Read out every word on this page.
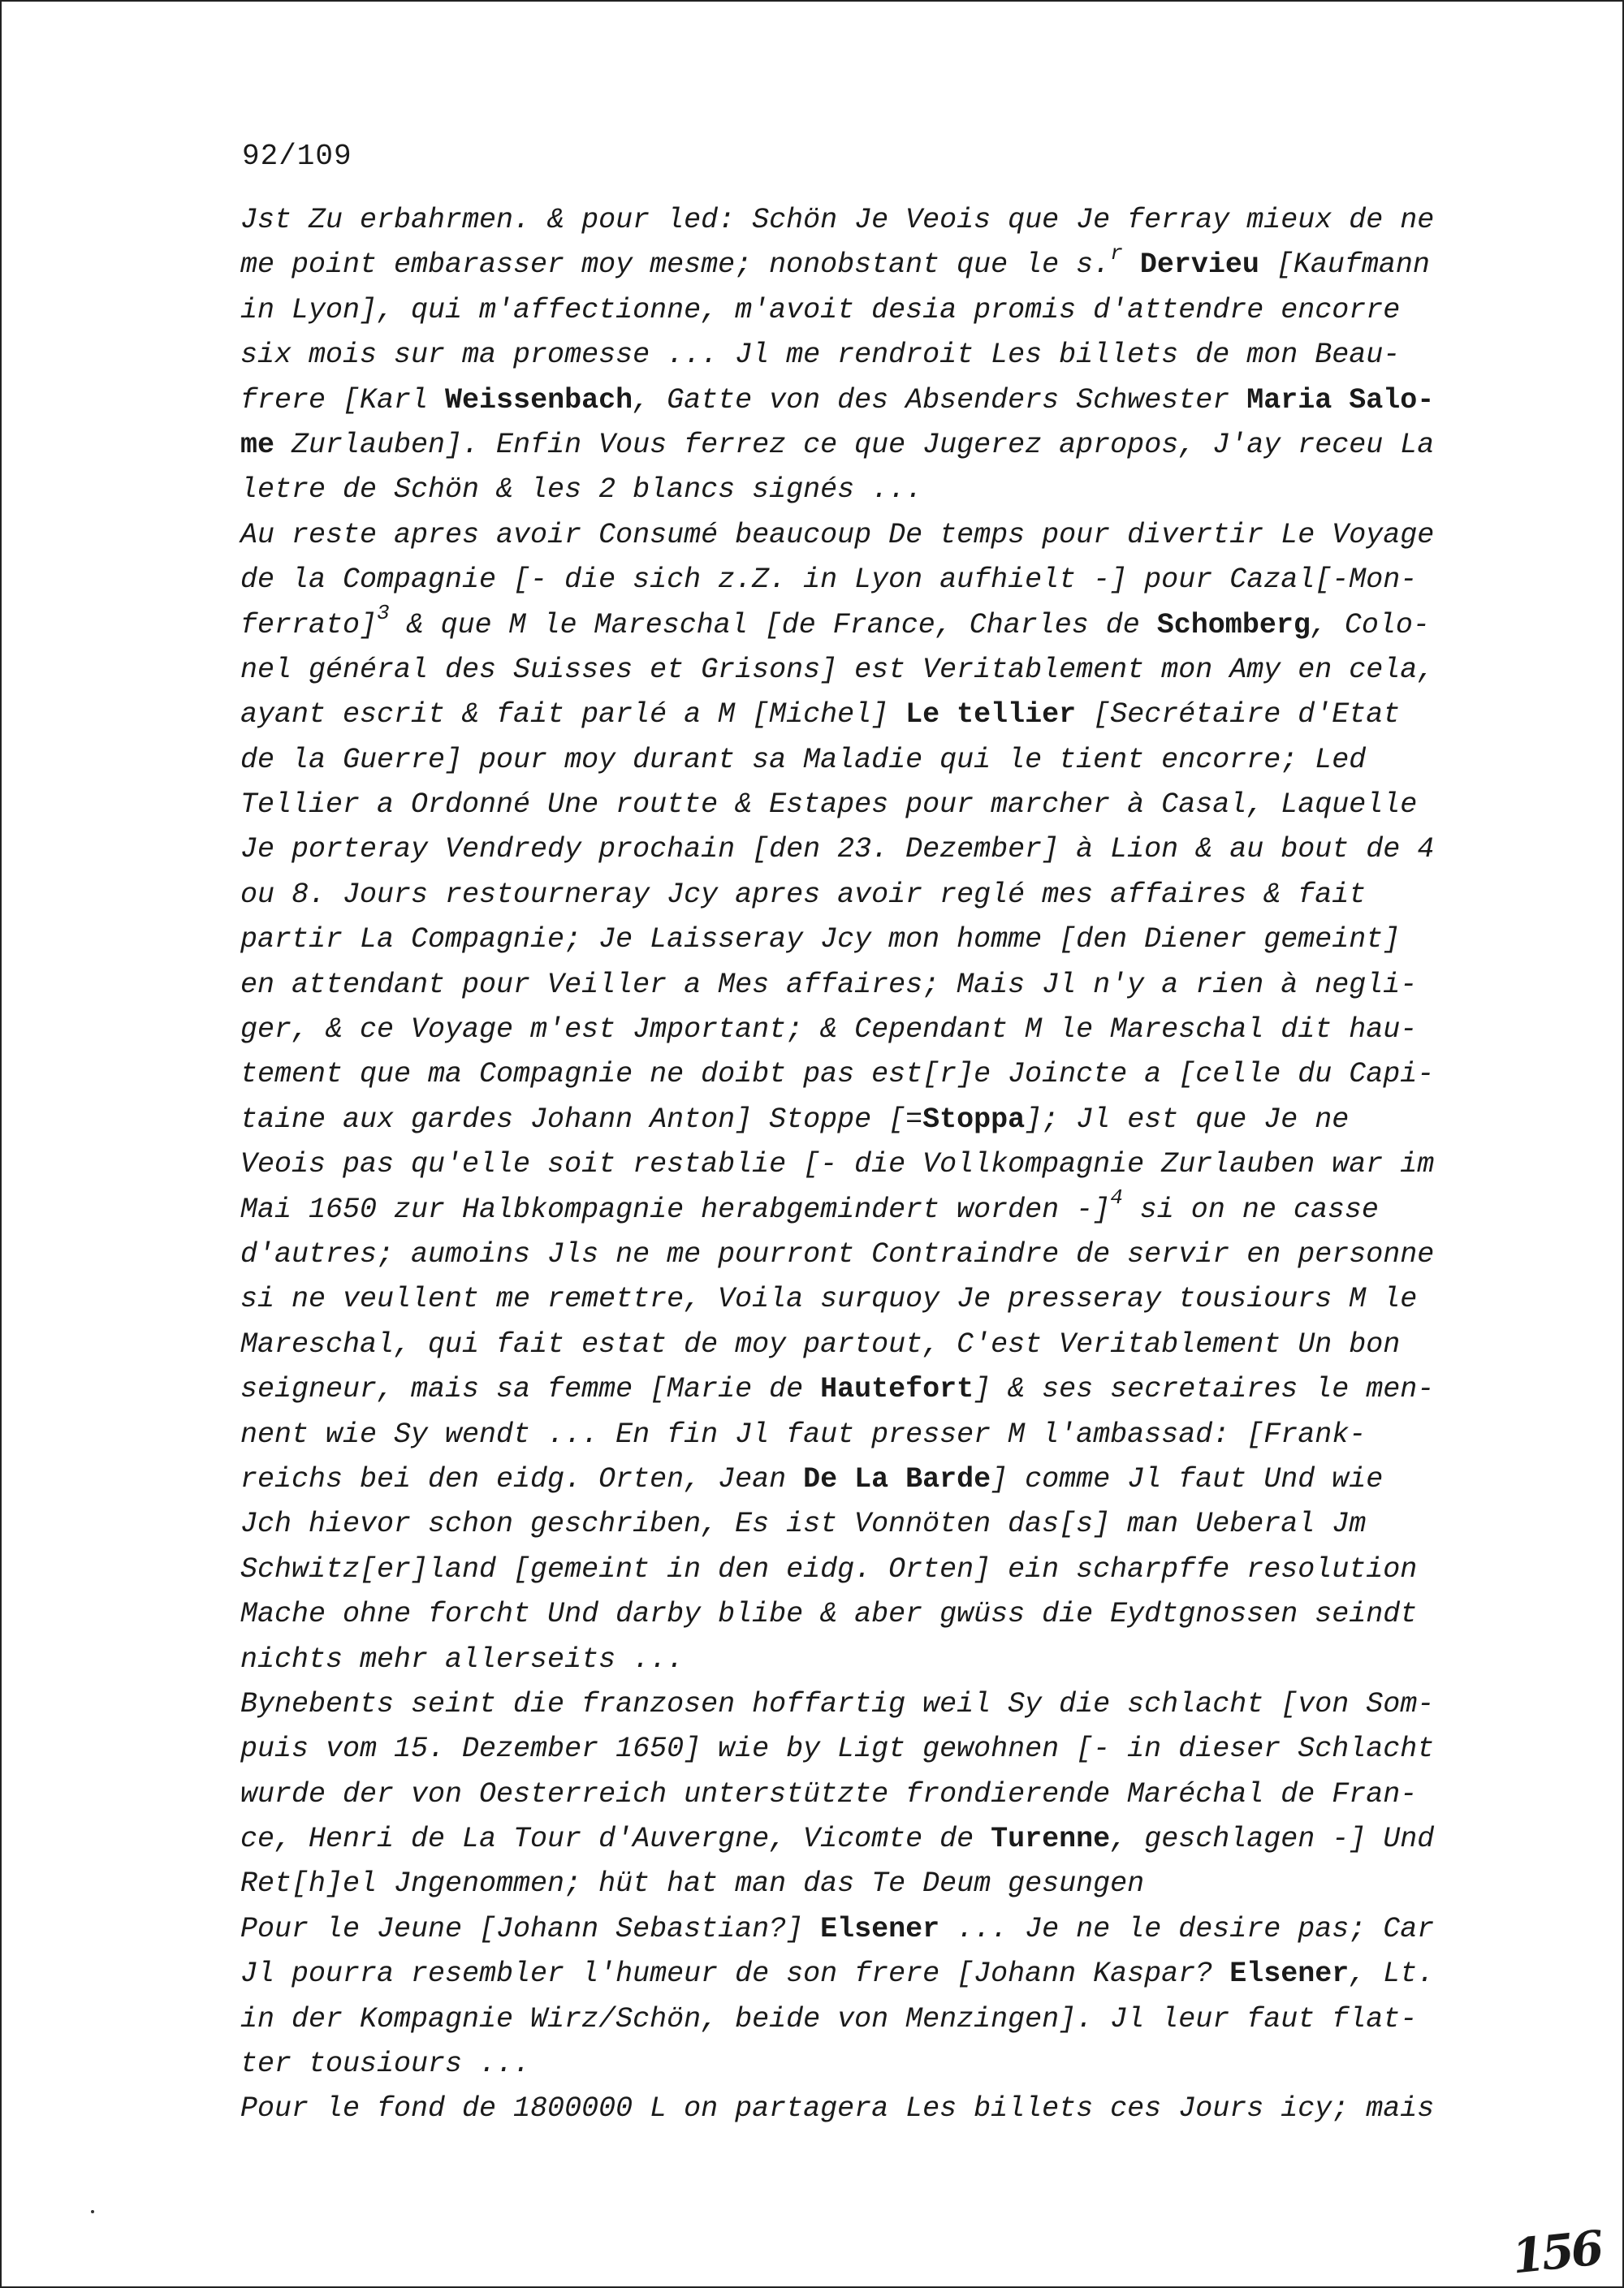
92/109
Jst Zu erbahrmen. & pour led: Schön Je Veois que Je ferray mieux de ne
me point embarasser moy mesme; nonobstant que le s.$^r$ Dervieu [Kaufmann
in Lyon], qui m'affectionne, m'avoit desia promis d'attendre encorre
six mois sur ma promesse ... Jl me rendroit Les billets de mon Beau-
frere [Karl Weissenbach, Gatte von des Absenders Schwester Maria Salo-
me Zurlauben]. Enfin Vous ferrez ce que Jugerez apropos, J'ay receu La
letre de Schön & les 2 blancs signés ...
Au reste apres avoir Consumé beaucoup De temps pour divertir Le Voyage
de la Compagnie [- die sich z.Z. in Lyon aufhielt -] pour Cazal[-Mon-
ferrato]$^3$ & que M le Mareschal [de France, Charles de Schomberg, Colo-
nel général des Suisses et Grisons] est Veritablement mon Amy en cela,
ayant escrit & fait parlé a M [Michel] Le tellier [Secrétaire d'Etat
de la Guerre] pour moy durant sa Maladie qui le tient encorre; Led
Tellier a Ordonné Une routte & Estapes pour marcher à Casal, Laquelle
Je porteray Vendredy prochain [den 23. Dezember] à Lion & au bout de 4
ou 8. Jours restourneray Jcy apres avoir reglé mes affaires & fait
partir La Compagnie; Je Laisseray Jcy mon homme [den Diener gemeint]
en attendant pour Veiller a Mes affaires; Mais Jl n'y a rien à negli-
ger, & ce Voyage m'est Jmportant; & Cependant M le Mareschal dit hau-
tement que ma Compagnie ne doibt pas est[r]e Joincte a [celle du Capi-
taine aux gardes Johann Anton] Stoppe [=Stoppa]; Jl est que Je ne
Veois pas qu'elle soit restablie [- die Vollkompagnie Zurlauben war im
Mai 1650 zur Halbkompagnie herabgemindert worden -]$^4$ si on ne casse
d'autres; aumoins Jls ne me pourront Contraindre de servir en personne
si ne veullent me remettre, Voila surquoy Je presseray tousiours M le
Mareschal, qui fait estat de moy partout, C'est Veritablement Un bon
seigneur, mais sa femme [Marie de Hautefort] & ses secretaires le men-
nent wie Sy wendt ... En fin Jl faut presser M l'ambassad: [Frank-
reichs bei den eidg. Orten, Jean De La Barde] comme Jl faut Und wie
Jch hievor schon geschriben, Es ist Vonnöten das[s] man Ueberal Jm
Schwitz[er]land [gemeint in den eidg. Orten] ein scharpffe resolution
Mache ohne forcht Und darby blibe & aber gwüss die Eydtgnossen seindt
nichts mehr allerseits ...
Bynebents seint die franzosen hoffartig weil Sy die schlacht [von Som-
puis vom 15. Dezember 1650] wie by Ligt gewohnen [- in dieser Schlacht
wurde der von Oesterreich unterstützte frondierende Maréchal de Fran-
ce, Henri de La Tour d'Auvergne, Vicomte de Turenne, geschlagen -] Und
Ret[h]el Jngenommen; hüt hat man das Te Deum gesungen
Pour le Jeune [Johann Sebastian?] Elsener ... Je ne le desire pas; Car
Jl pourra resembler l'humeur de son frere [Johann Kaspar? Elsener, Lt.
in der Kompagnie Wirz/Schön, beide von Menzingen]. Jl leur faut flat-
ter tousiours ...
Pour le fond de 1800000 L on partagera Les billets ces Jours icy; mais
156
